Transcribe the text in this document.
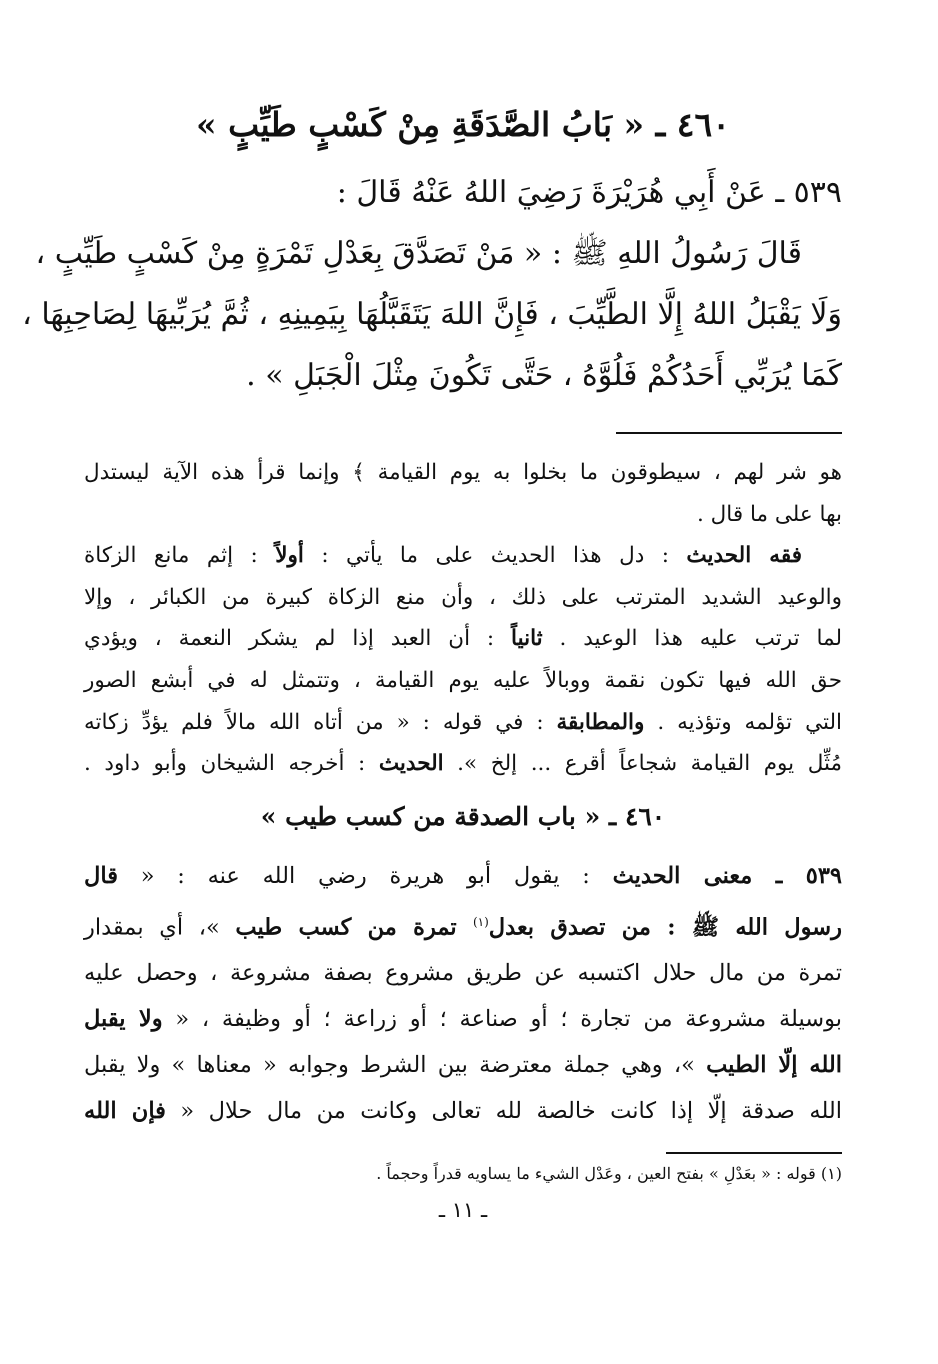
٤٦٠ ـ « بَابُ الصَّدَقَةِ مِنْ كَسْبٍ طَيِّبٍ »
٥٣٩ ـ عَنْ أَبِي هُرَيْرَةَ رَضِيَ اللهُ عَنْهُ قَالَ :
قَالَ رَسُولُ اللهِ ﷺ : « مَنْ تَصَدَّقَ بِعَدْلِ تَمْرَةٍ مِنْ كَسْبٍ طَيِّبٍ ،
وَلَا يَقْبَلُ اللهُ إِلَّا الطَّيِّبَ ، فَإِنَّ اللهَ يَتَقَبَّلُهَا بِيَمِينِهِ ، ثُمَّ يُرَبِّيهَا لِصَاحِبِهَا ،
كَمَا يُرَبِّي أَحَدُكُمْ فَلُوَّهُ ، حَتَّى تَكُونَ مِثْلَ الْجَبَلِ » .
هو شر لهم ، سيطوقون ما بخلوا به يوم القيامة ﴾ وإنما قرأ هذه الآية ليستدل
بها على ما قال .
فقه الحديث : دل هذا الحديث على ما يأتي : أولاً : إثم مانع الزكاة
والوعيد الشديد المترتب على ذلك ، وأن منع الزكاة كبيرة من الكبائر ، وإلا
لما ترتب عليه هذا الوعيد . ثانياً : أن العبد إذا لم يشكر النعمة ، ويؤدي
حق الله فيها تكون نقمة ووبالاً عليه يوم القيامة ، وتتمثل له في أبشع الصور
التي تؤلمه وتؤذيه . والمطابقة : في قوله : « من أتاه الله مالاً فلم يؤدِّ زكاته
مُثِّل يوم القيامة شجاعاً أقرع ... إلخ ». الحديث : أخرجه الشيخان وأبو داود .
٤٦٠ ـ « باب الصدقة من كسب طيب »
٥٣٩ ـ معنى الحديث : يقول أبو هريرة رضي الله عنه : « قال
رسول الله ﷺ : من تصدق بعدل$^{(١)}$ تمرة من كسب طيب »، أي بمقدار
تمرة من مال حلال اكتسبه عن طريق مشروع بصفة مشروعة ، وحصل عليه
بوسيلة مشروعة من تجارة ؛ أو صناعة ؛ أو زراعة ؛ أو وظيفة ، « ولا يقبل
الله إلّا الطيب »، وهي جملة معترضة بين الشرط وجوابه « معناها » ولا يقبل
الله صدقة إلّا إذا كانت خالصة لله تعالى وكانت من مال حلال « فإن الله
(١) قوله : « بعَدْلِ » بفتح العين ، وعَدْل الشيء ما يساويه قدراً وحجماً .
ـ ١١ ـ
